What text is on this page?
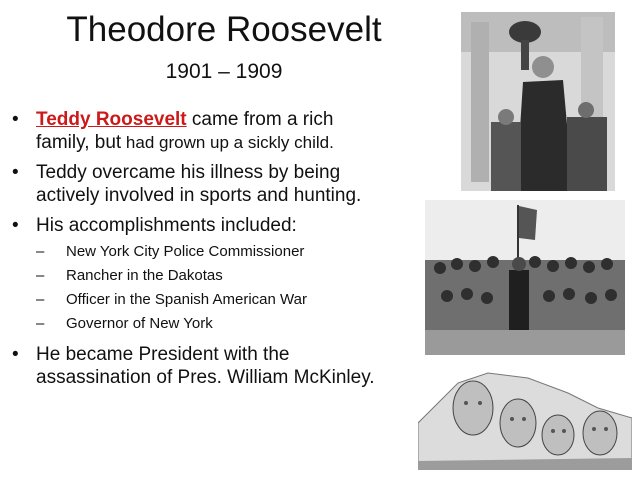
Theodore Roosevelt
1901 – 1909
• Teddy Roosevelt came from a rich
family, but had grown up a sickly child.
• Teddy overcame his illness by being
actively involved in sports and hunting.
• His accomplishments included:
– New York City Police Commissioner
– Rancher in the Dakotas
– Officer in the Spanish American War
– Governor of New York
• He became President with the
assassination of Pres. William McKinley.
